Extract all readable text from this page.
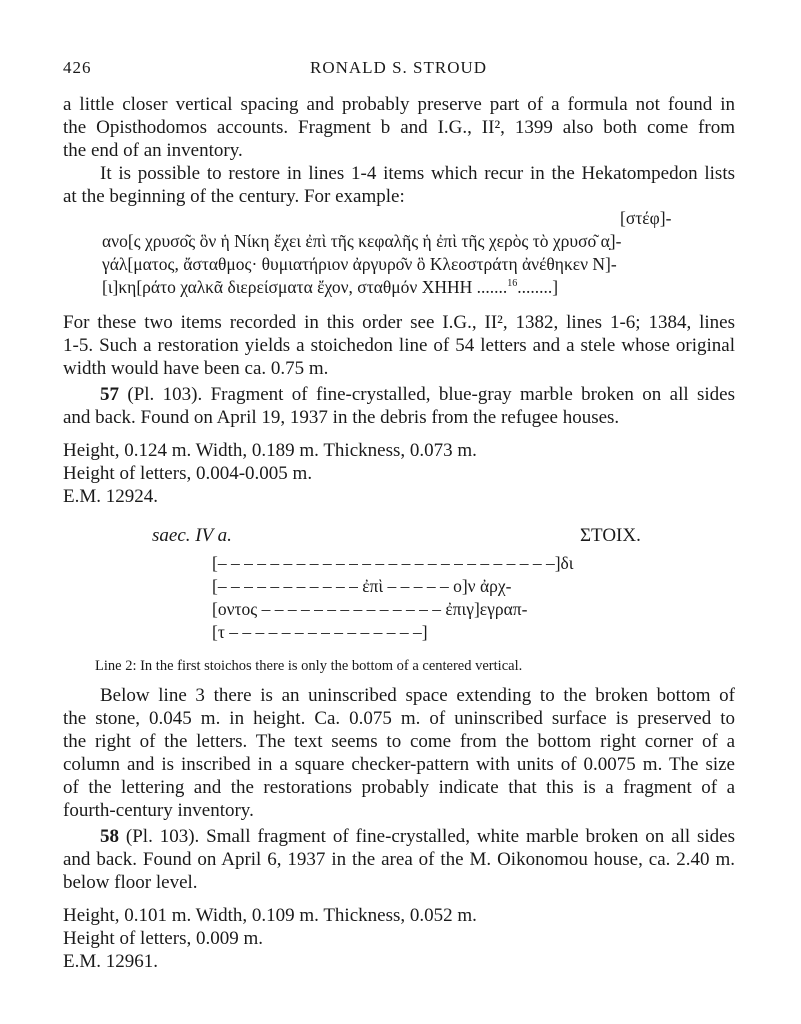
426	RONALD S. STROUD
a little closer vertical spacing and probably preserve part of a formula not found in
the Opisthodomos accounts. Fragment b and I.G., II², 1399 also both come from
the end of an inventory.
It is possible to restore in lines 1-4 items which recur in the Hekatompedon lists
at the beginning of the century. For example:
[στέφ]-
ανο[ς χρυσο͂ς ὃν ἡ Νίκη ἔχει ἐπὶ τῆς κεφαλῆς ἡ ἐπὶ τῆς χερὸς τὸ χρυσο͂ α̣]-
γάλ[ματος, ἄσταθμος· θυμιατήριον ἀργυρο͂ν ὃ Κλεοστράτη ἀνέθηκεν N]-
[ι]κη[ράτο χαλκᾶ διερείσματα ἔχον, σταθμόν ΧΗΗΗ .......$^{16}$........]
For these two items recorded in this order see I.G., II², 1382, lines 1-6; 1384, lines
1-5. Such a restoration yields a stoichedon line of 54 letters and a stele whose original
width would have been ca. 0.75 m.
57 (Pl. 103). Fragment of fine-crystalled, blue-gray marble broken on all sides
and back. Found on April 19, 1937 in the debris from the refugee houses.
Height, 0.124 m. Width, 0.189 m. Thickness, 0.073 m.
Height of letters, 0.004-0.005 m.
E.M. 12924.
saec. IV a.	ΣΤΟΙΧ.
[– – – – – – – – – – – – – – – – – – – – – – – – – –]δι
[– – – – – – – – – – – ἐπὶ – – – – – ο]ν ἀρχ-
[οντος – – – – – – – – – – – – – – ἐπιγ]εγραπ-
[τ – – – – – – – – – – – – – – –]
Line 2: In the first stoichos there is only the bottom of a centered vertical.
Below line 3 there is an uninscribed space extending to the broken bottom of
the stone, 0.045 m. in height. Ca. 0.075 m. of uninscribed surface is preserved to
the right of the letters. The text seems to come from the bottom right corner of a
column and is inscribed in a square checker-pattern with units of 0.0075 m. The size
of the lettering and the restorations probably indicate that this is a fragment of a
fourth-century inventory.
58 (Pl. 103). Small fragment of fine-crystalled, white marble broken on all sides
and back. Found on April 6, 1937 in the area of the M. Oikonomou house, ca. 2.40 m.
below floor level.
Height, 0.101 m. Width, 0.109 m. Thickness, 0.052 m.
Height of letters, 0.009 m.
E.M. 12961.
